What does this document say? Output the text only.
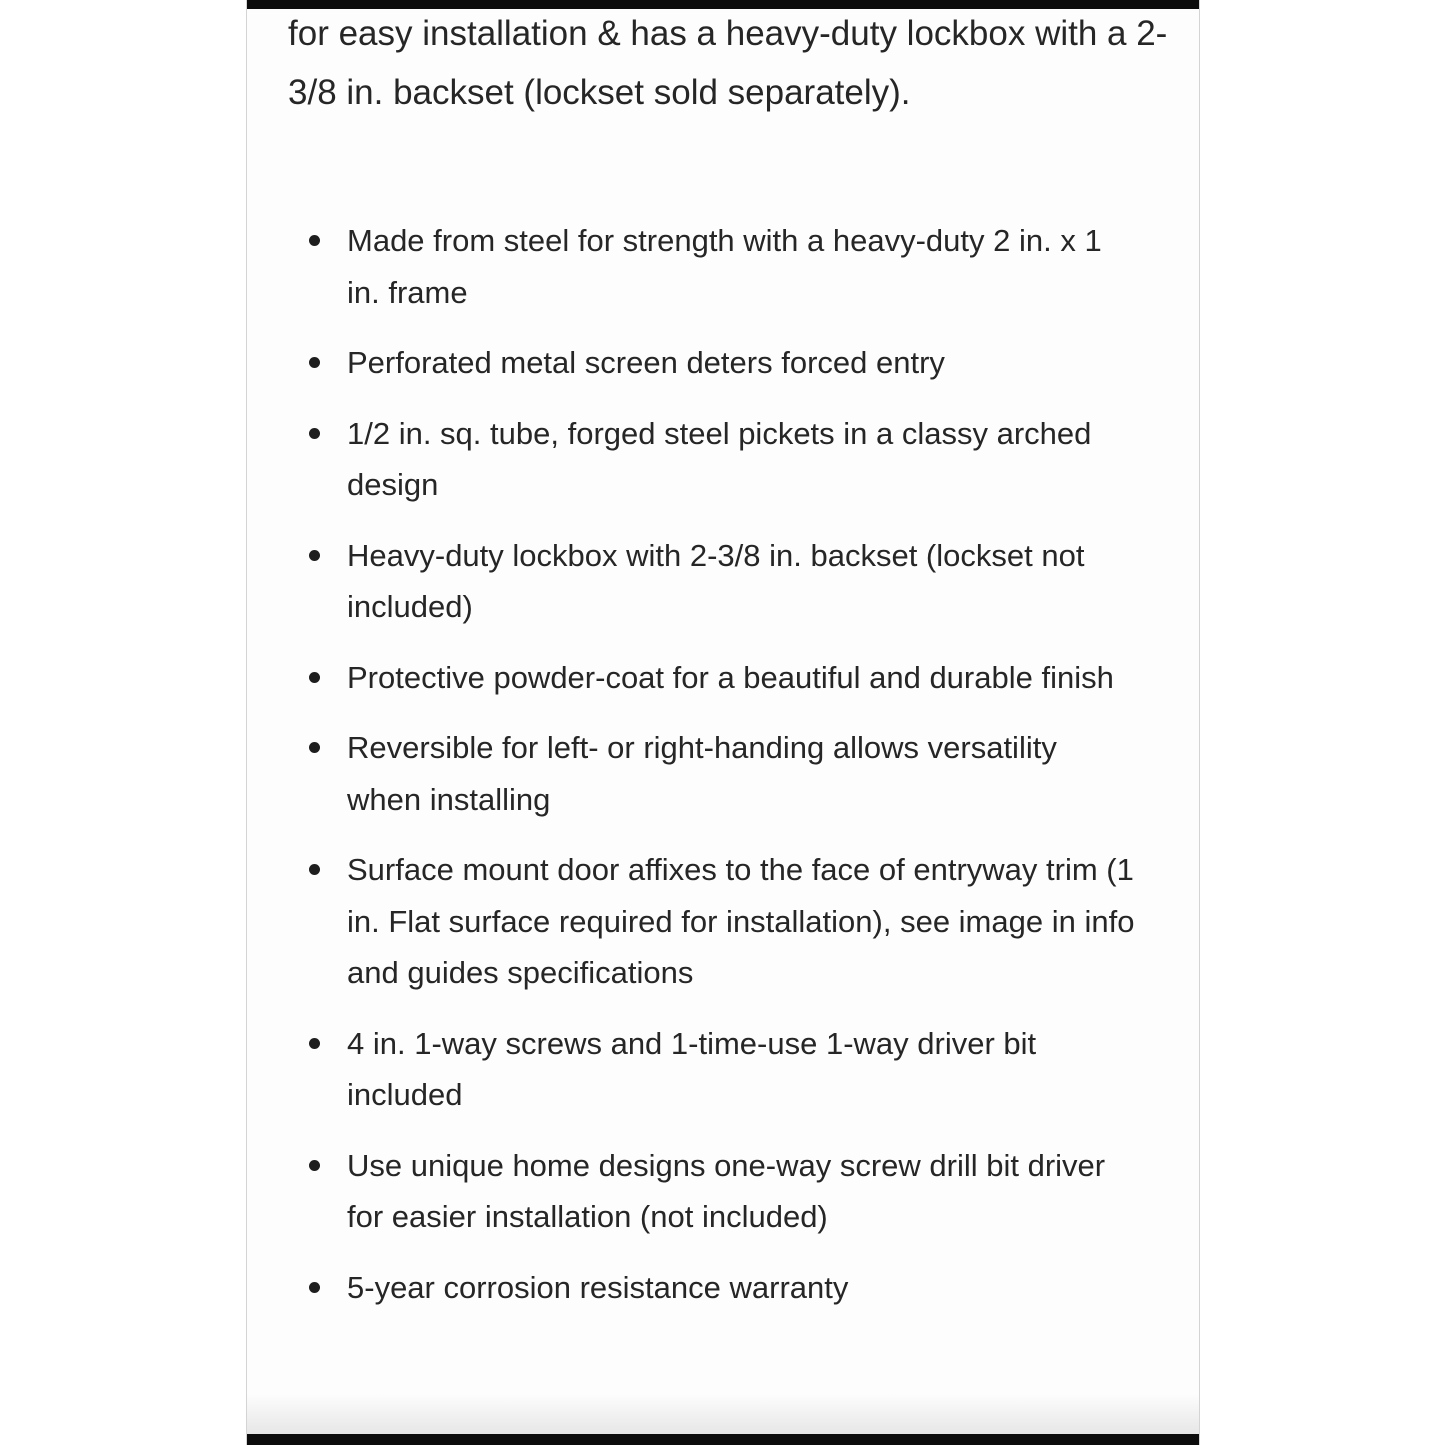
for easy installation & has a heavy-duty lockbox with a 2-3/8 in. backset (lockset sold separately).

Made from steel for strength with a heavy-duty 2 in. x 1 in. frame
Perforated metal screen deters forced entry
1/2 in. sq. tube, forged steel pickets in a classy arched design
Heavy-duty lockbox with 2-3/8 in. backset (lockset not included)
Protective powder-coat for a beautiful and durable finish
Reversible for left- or right-handing allows versatility when installing
Surface mount door affixes to the face of entryway trim (1 in. Flat surface required for installation), see image in info and guides specifications
4 in. 1-way screws and 1-time-use 1-way driver bit included
Use unique home designs one-way screw drill bit driver for easier installation (not included)
5-year corrosion resistance warranty
